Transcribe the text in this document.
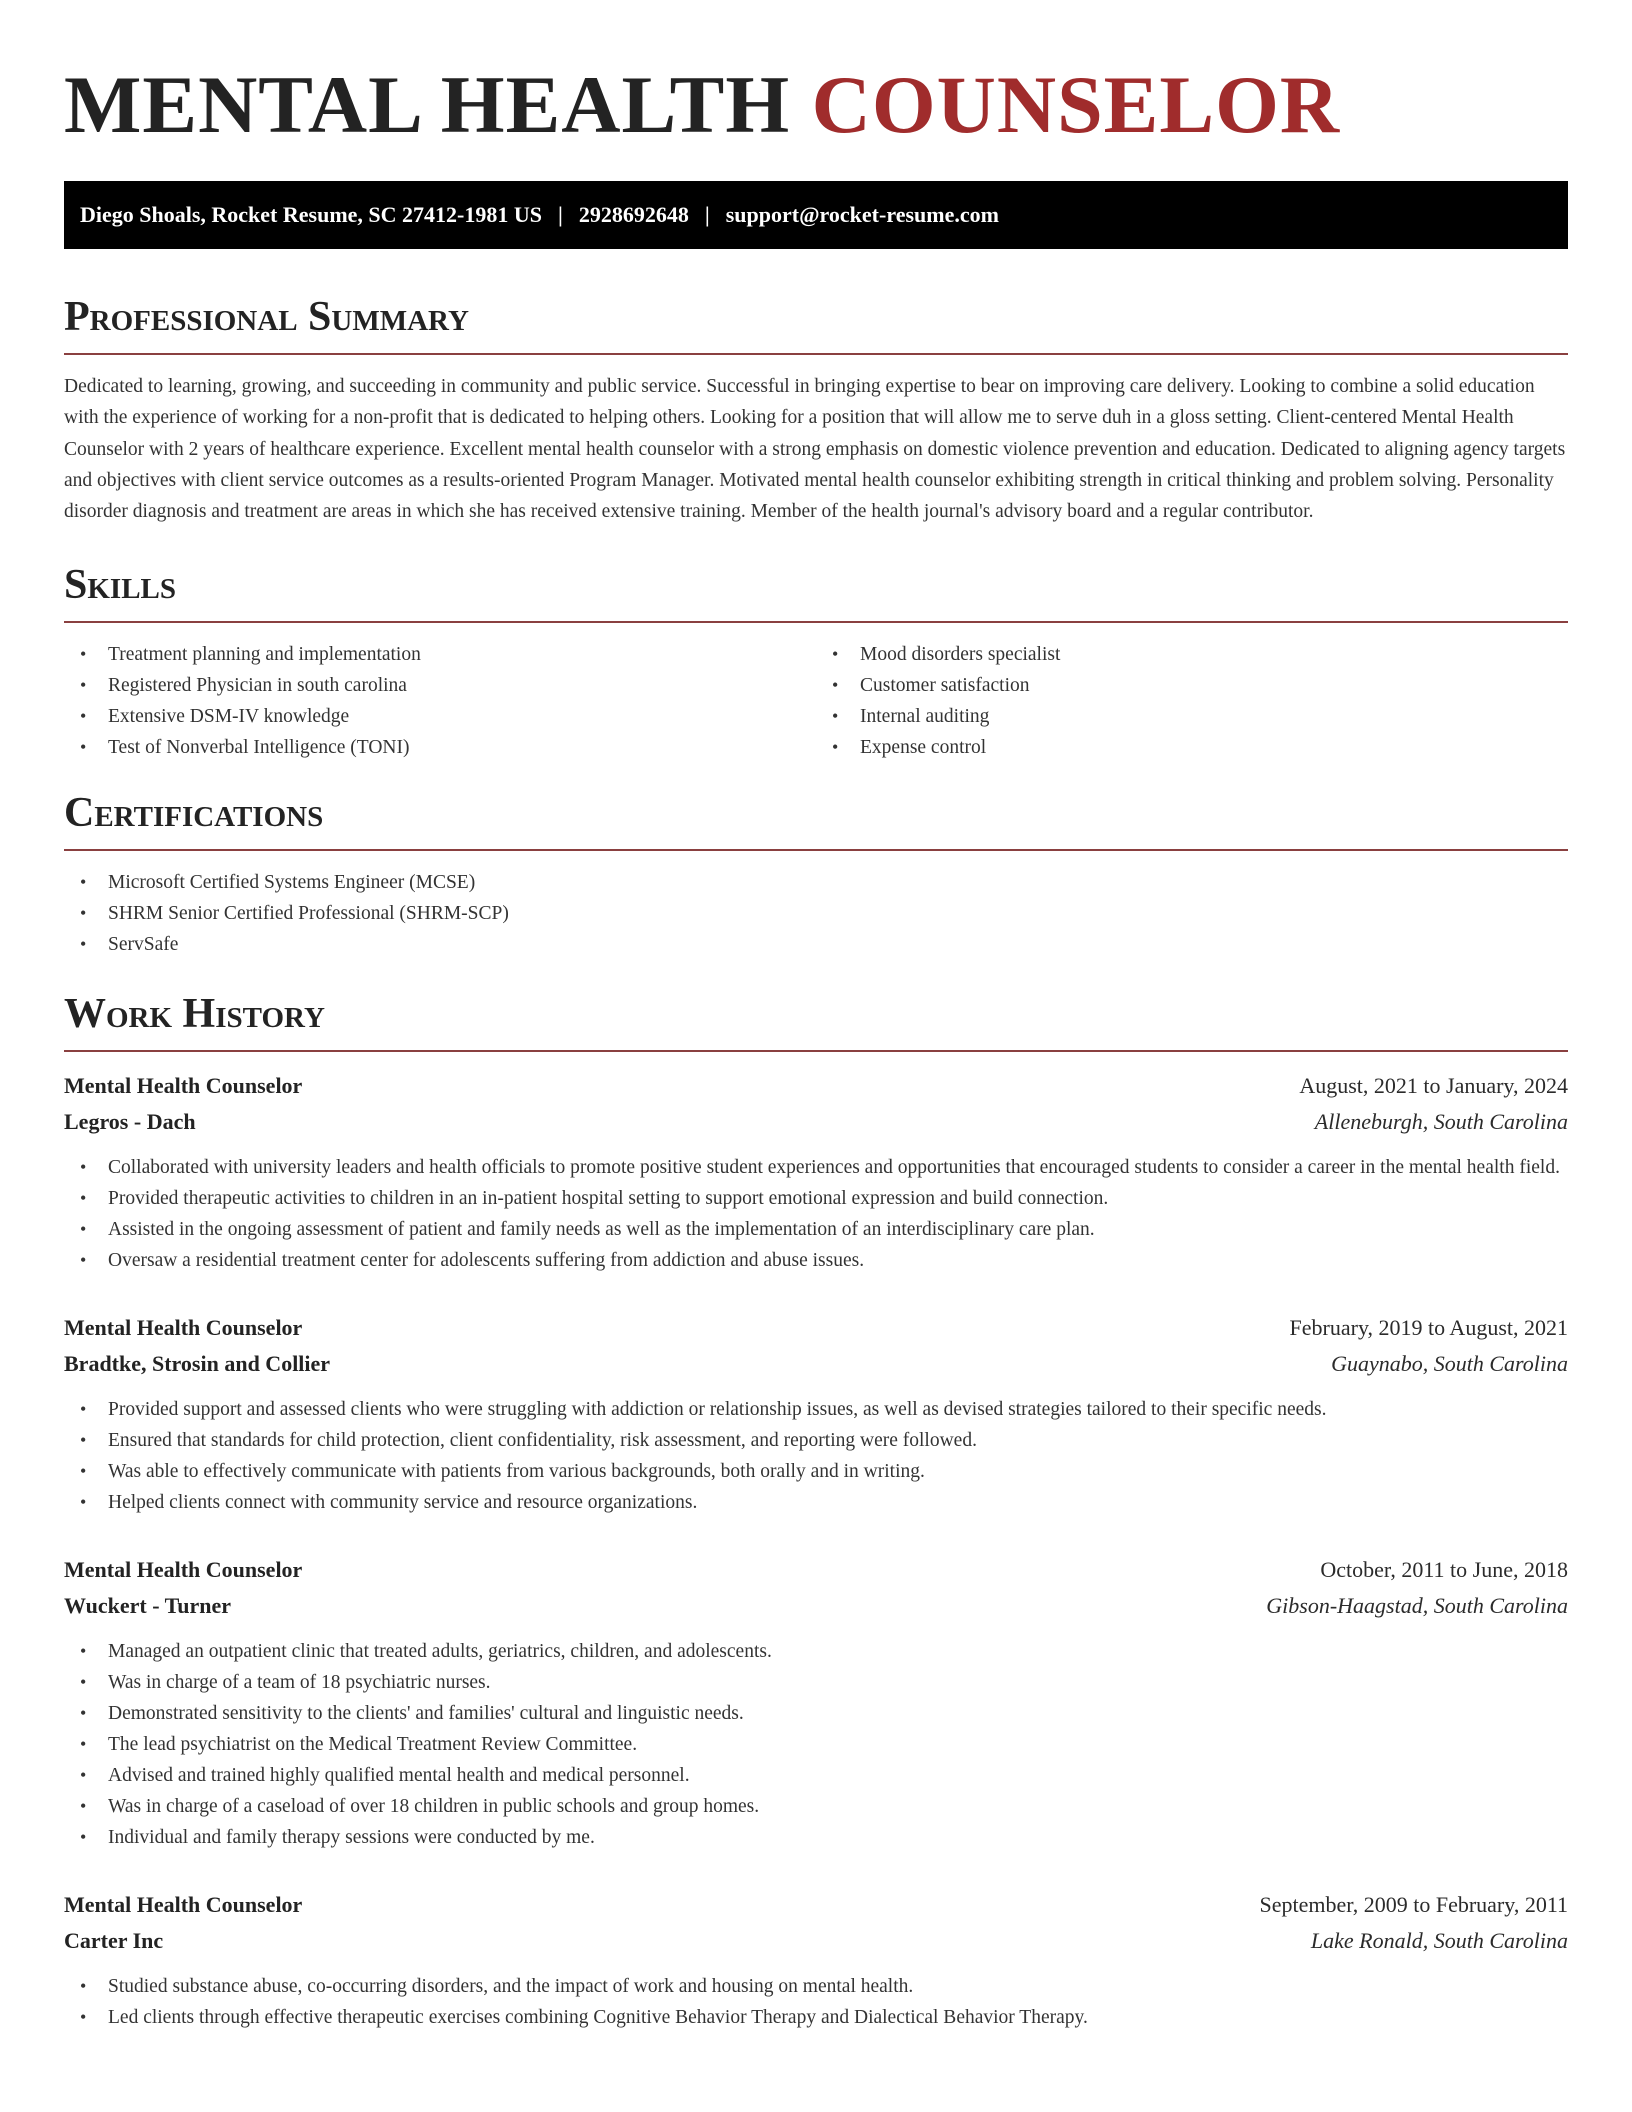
MENTAL HEALTH COUNSELOR
Diego Shoals, Rocket Resume, SC 27412-1981 US | 2928692648 | support@rocket-resume.com
Professional Summary

Dedicated to learning, growing, and succeeding in community and public service. Successful in bringing expertise to bear on improving care delivery. Looking to combine a solid education with the experience of working for a non-profit that is dedicated to helping others. Looking for a position that will allow me to serve duh in a gloss setting. Client-centered Mental Health Counselor with 2 years of healthcare experience. Excellent mental health counselor with a strong emphasis on domestic violence prevention and education. Dedicated to aligning agency targets and objectives with client service outcomes as a results-oriented Program Manager. Motivated mental health counselor exhibiting strength in critical thinking and problem solving. Personality disorder diagnosis and treatment are areas in which she has received extensive training. Member of the health journal's advisory board and a regular contributor.

Skills
• Treatment planning and implementation
• Registered Physician in south carolina
• Extensive DSM-IV knowledge
• Test of Nonverbal Intelligence (TONI)
• Mood disorders specialist
• Customer satisfaction
• Internal auditing
• Expense control
Certifications
• Microsoft Certified Systems Engineer (MCSE)
• SHRM Senior Certified Professional (SHRM-SCP)
• ServSafe
Work History
Mental Health Counselor	August, 2021 to January, 2024
Legros - Dach	Alleneburgh, South Carolina
• Collaborated with university leaders and health officials to promote positive student experiences and opportunities that encouraged students to consider a career in the mental health field.
• Provided therapeutic activities to children in an in-patient hospital setting to support emotional expression and build connection.
• Assisted in the ongoing assessment of patient and family needs as well as the implementation of an interdisciplinary care plan.
• Oversaw a residential treatment center for adolescents suffering from addiction and abuse issues.
Mental Health Counselor	February, 2019 to August, 2021
Bradtke, Strosin and Collier	Guaynabo, South Carolina
• Provided support and assessed clients who were struggling with addiction or relationship issues, as well as devised strategies tailored to their specific needs.
• Ensured that standards for child protection, client confidentiality, risk assessment, and reporting were followed.
• Was able to effectively communicate with patients from various backgrounds, both orally and in writing.
• Helped clients connect with community service and resource organizations.
Mental Health Counselor	October, 2011 to June, 2018
Wuckert - Turner	Gibson-Haagstad, South Carolina
• Managed an outpatient clinic that treated adults, geriatrics, children, and adolescents.
• Was in charge of a team of 18 psychiatric nurses.
• Demonstrated sensitivity to the clients' and families' cultural and linguistic needs.
• The lead psychiatrist on the Medical Treatment Review Committee.
• Advised and trained highly qualified mental health and medical personnel.
• Was in charge of a caseload of over 18 children in public schools and group homes.
• Individual and family therapy sessions were conducted by me.
Mental Health Counselor	September, 2009 to February, 2011
Carter Inc	Lake Ronald, South Carolina
• Studied substance abuse, co-occurring disorders, and the impact of work and housing on mental health.
• Led clients through effective therapeutic exercises combining Cognitive Behavior Therapy and Dialectical Behavior Therapy.
